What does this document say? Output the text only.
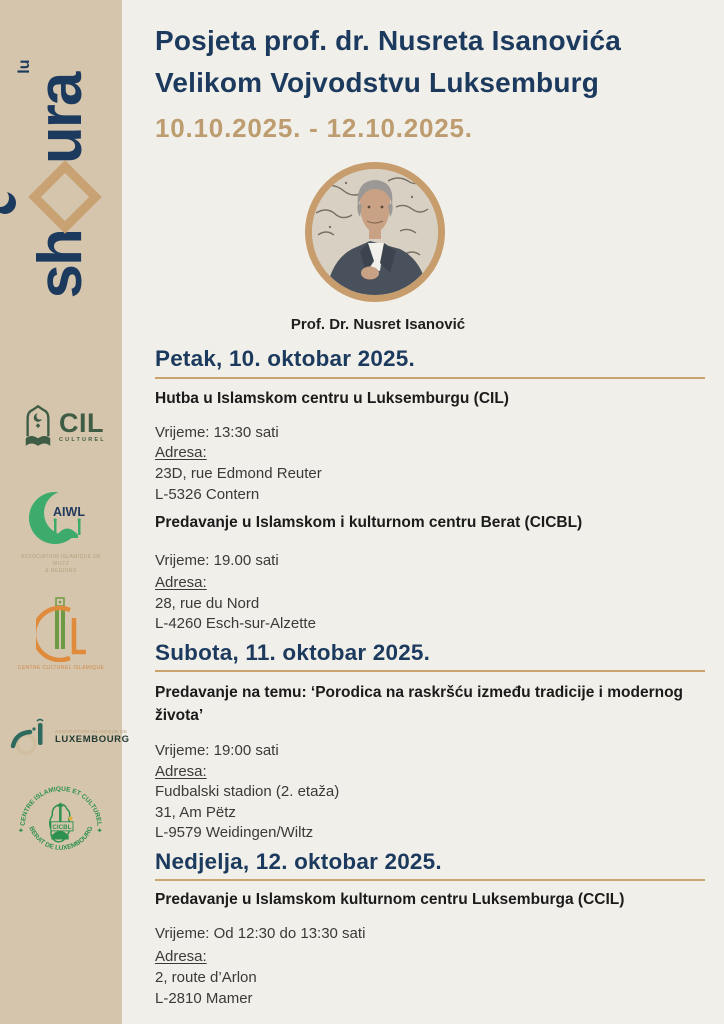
sh
ura
lu
CIL
CULTUREL
AIWL
ASSOCIATION ISLAMIQUE DE WILTZ
& REGIONS
CENTRE CULTUREL ISLAMIQUE
ASSOCIATION ISLAMIQUE DE
LUXEMBOURG
CENTRE ISLAMIQUE ET CULTUREL
BERAT DE LUXEMBOURG
✦	✦
CICBL
Posjeta prof. dr. Nusreta Isanovića
Velikom Vojvodstvu Luksemburg
10.10.2025. - 12.10.2025.
Prof. Dr. Nusret Isanović
Petak, 10. oktobar 2025.
Hutba u Islamskom centru u Luksemburgu (CIL)
Vrijeme: 13:30 sati
Adresa:
23D, rue Edmond Reuter
L-5326 Contern
Predavanje u Islamskom i kulturnom centru Berat (CICBL)
Vrijeme: 19.00 sati
Adresa:
28, rue du Nord
L-4260 Esch-sur-Alzette
Subota, 11. oktobar 2025.
Predavanje na temu: ‘Porodica na raskršću između tradicije i modernog života’
Vrijeme: 19:00 sati
Adresa:
Fudbalski stadion (2. etaža)
31, Am Pëtz
L-9579 Weidingen/Wiltz
Nedjelja, 12. oktobar 2025.
Predavanje u Islamskom kulturnom centru Luksemburga (CCIL)
Vrijeme: Od 12:30 do 13:30 sati
Adresa:
2, route d’Arlon
L-2810 Mamer
